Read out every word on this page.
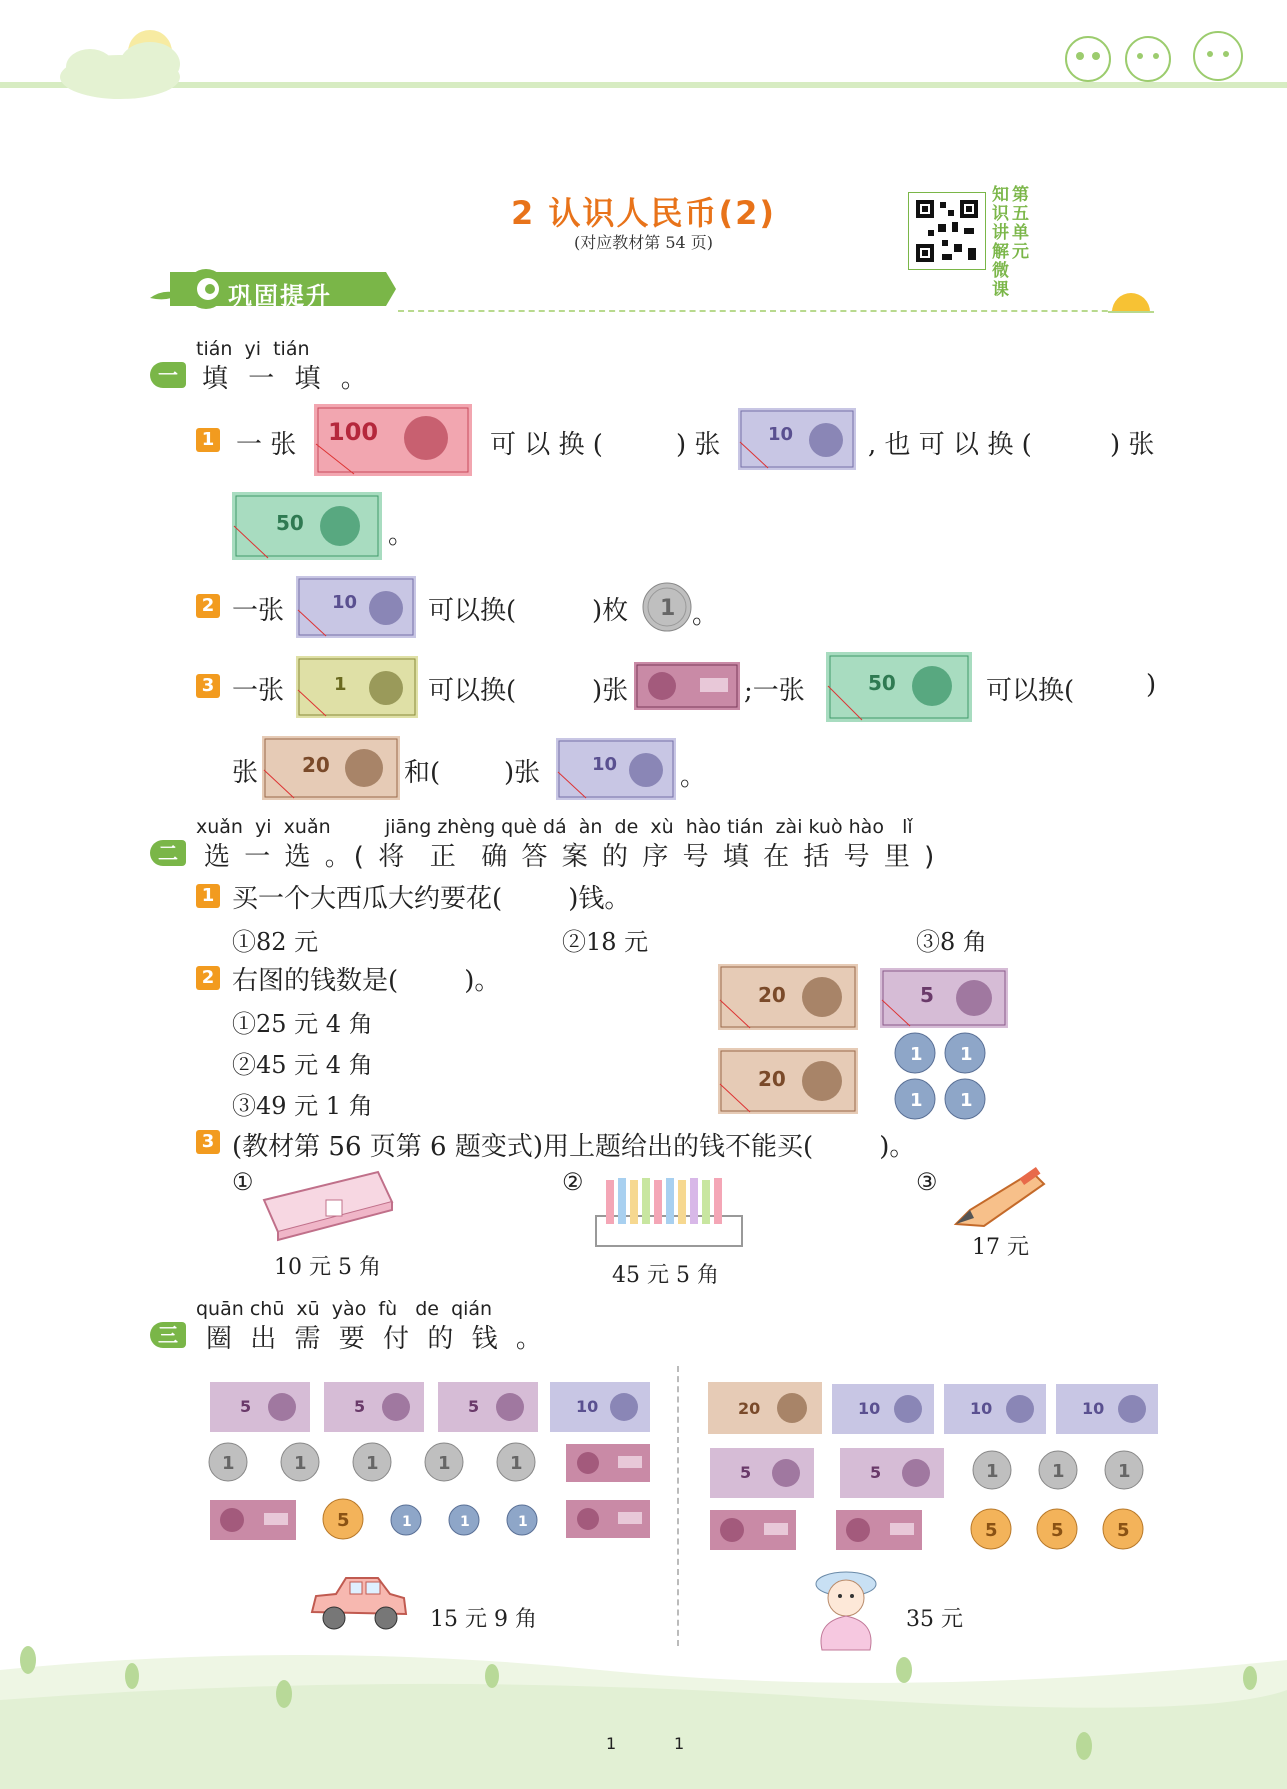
2 认识人民币(2)
(对应教材第 54 页)
知识讲解微课第五单元
巩固提升
tián  yi  tián
一 填 一 填 。
1 一 张 100	可 以 换 (	) 张	10	, 也 可 以 换 (	) 张
50	。
2 一张	10	可以换(	)枚 1 。
3 一张	1	可以换(	)张	;一张	50	可以换(	)
张 20	和( )张	10 。
xuǎn  yi  xuǎn         jiāng zhèng què dá  àn  de  xù  hào tián  zài kuò hào   lǐ
二	选 一 选 。( 将  正  确 答 案 的 序 号 填 在 括 号 里 )
1 买一个大西瓜大约要花(        )钱。
①82 元	②18 元	③8 角
2 右图的钱数是(        )。
①25 元 4 角
②45 元 4 角
③49 元 1 角
20	5
20
1 1
1 1
3 (教材第 56 页第 6 题变式)用上题给出的钱不能买(        )。
①	②	③
10 元 5 角	45 元 5 角
17 元
quān chū  xū  yào  fù   de  qián
三	圈 出 需 要 付 的 钱 。
5	5	5	10
1	1	1	1	1
5	1	1	1
15 元 9 角
20	10	10	10
5	5	1	1	1
5	5	5
35 元
1	1
